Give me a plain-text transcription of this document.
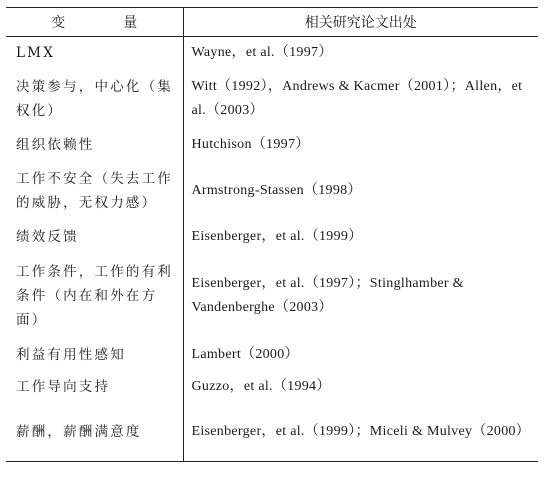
变　量	相关研究论文出处
LMX	Wayne，et al.（1997）
决策参与，中心化（集权化）	Witt（1992），Andrews & Kacmer（2001）；Allen，et al.（2003）
组织依赖性	Hutchison（1997）
工作不安全（失去工作的威胁，无权力感）	Armstrong-Stassen（1998）
绩效反馈	Eisenberger，et al.（1999）
工作条件，工作的有利条件（内在和外在方面）	Eisenberger，et al.（1997）；Stinglhamber & Vandenberghe（2003）
利益有用性感知	Lambert（2000）
工作导向支持	Guzzo，et al.（1994）
薪酬，薪酬满意度	Eisenberger，et al.（1999）；Miceli & Mulvey（2000）
